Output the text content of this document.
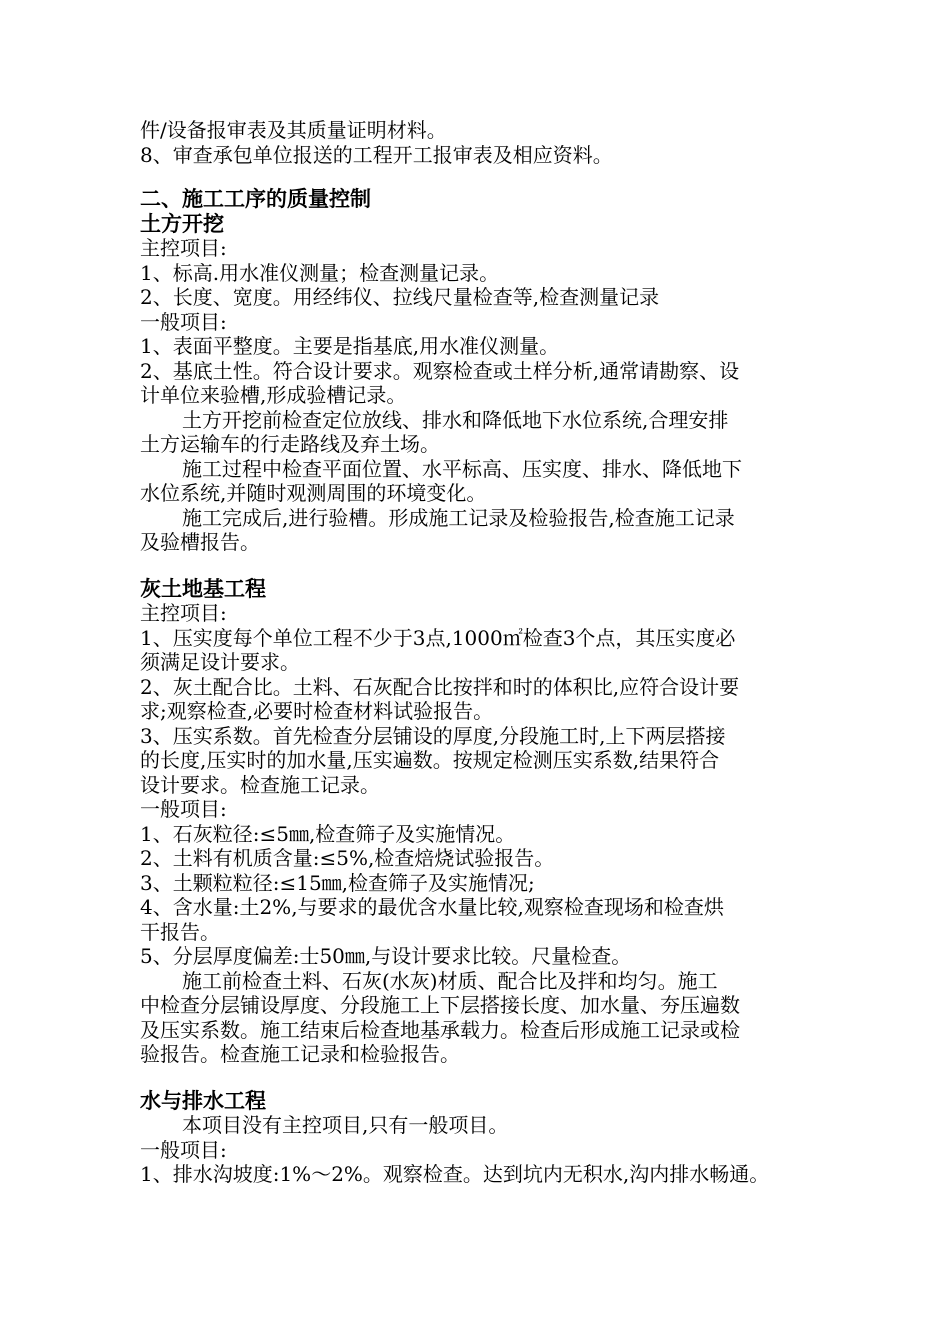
件/设备报审表及其质量证明材料。
8、审查承包单位报送的工程开工报审表及相应资料。
二、施工工序的质量控制
土方开挖
主控项目:
1、标高.用水准仪测量；检查测量记录。
2、长度、宽度。用经纬仪、拉线尺量检查等,检查测量记录
一般项目:
1、表面平整度。主要是指基底,用水准仪测量。
2、基底土性。符合设计要求。观察检查或土样分析,通常请勘察、设
计单位来验槽,形成验槽记录。
土方开挖前检查定位放线、排水和降低地下水位系统,合理安排
土方运输车的行走路线及弃土场。
施工过程中检查平面位置、水平标高、压实度、排水、降低地下
水位系统,并随时观测周围的环境变化。
施工完成后,进行验槽。形成施工记录及检验报告,检查施工记录
及验槽报告。
灰土地基工程
主控项目:
1、压实度每个单位工程不少于3点,1000㎡检查3个点，其压实度必
须满足设计要求。
2、灰土配合比。土料、石灰配合比按拌和时的体积比,应符合设计要
求;观察检查,必要时检查材料试验报告。
3、压实系数。首先检查分层铺设的厚度,分段施工时,上下两层搭接
的长度,压实时的加水量,压实遍数。按规定检测压实系数,结果符合
设计要求。检查施工记录。
一般项目:
1、石灰粒径:≤5㎜,检查筛子及实施情况。
2、土料有机质含量:≤5%,检查焙烧试验报告。
3、土颗粒粒径:≤15㎜,检查筛子及实施情况;
4、含水量:土2%,与要求的最优含水量比较,观察检查现场和检查烘
干报告。
5、分层厚度偏差:士50㎜,与设计要求比较。尺量检查。
施工前检查土料、石灰(水灰)材质、配合比及拌和均匀。施工
中检查分层铺设厚度、分段施工上下层搭接长度、加水量、夯压遍数
及压实系数。施工结束后检查地基承载力。检查后形成施工记录或检
验报告。检查施工记录和检验报告。
水与排水工程
本项目没有主控项目,只有一般项目。
一般项目:
1、排水沟坡度:1%～2%。观察检查。达到坑内无积水,沟内排水畅通。
